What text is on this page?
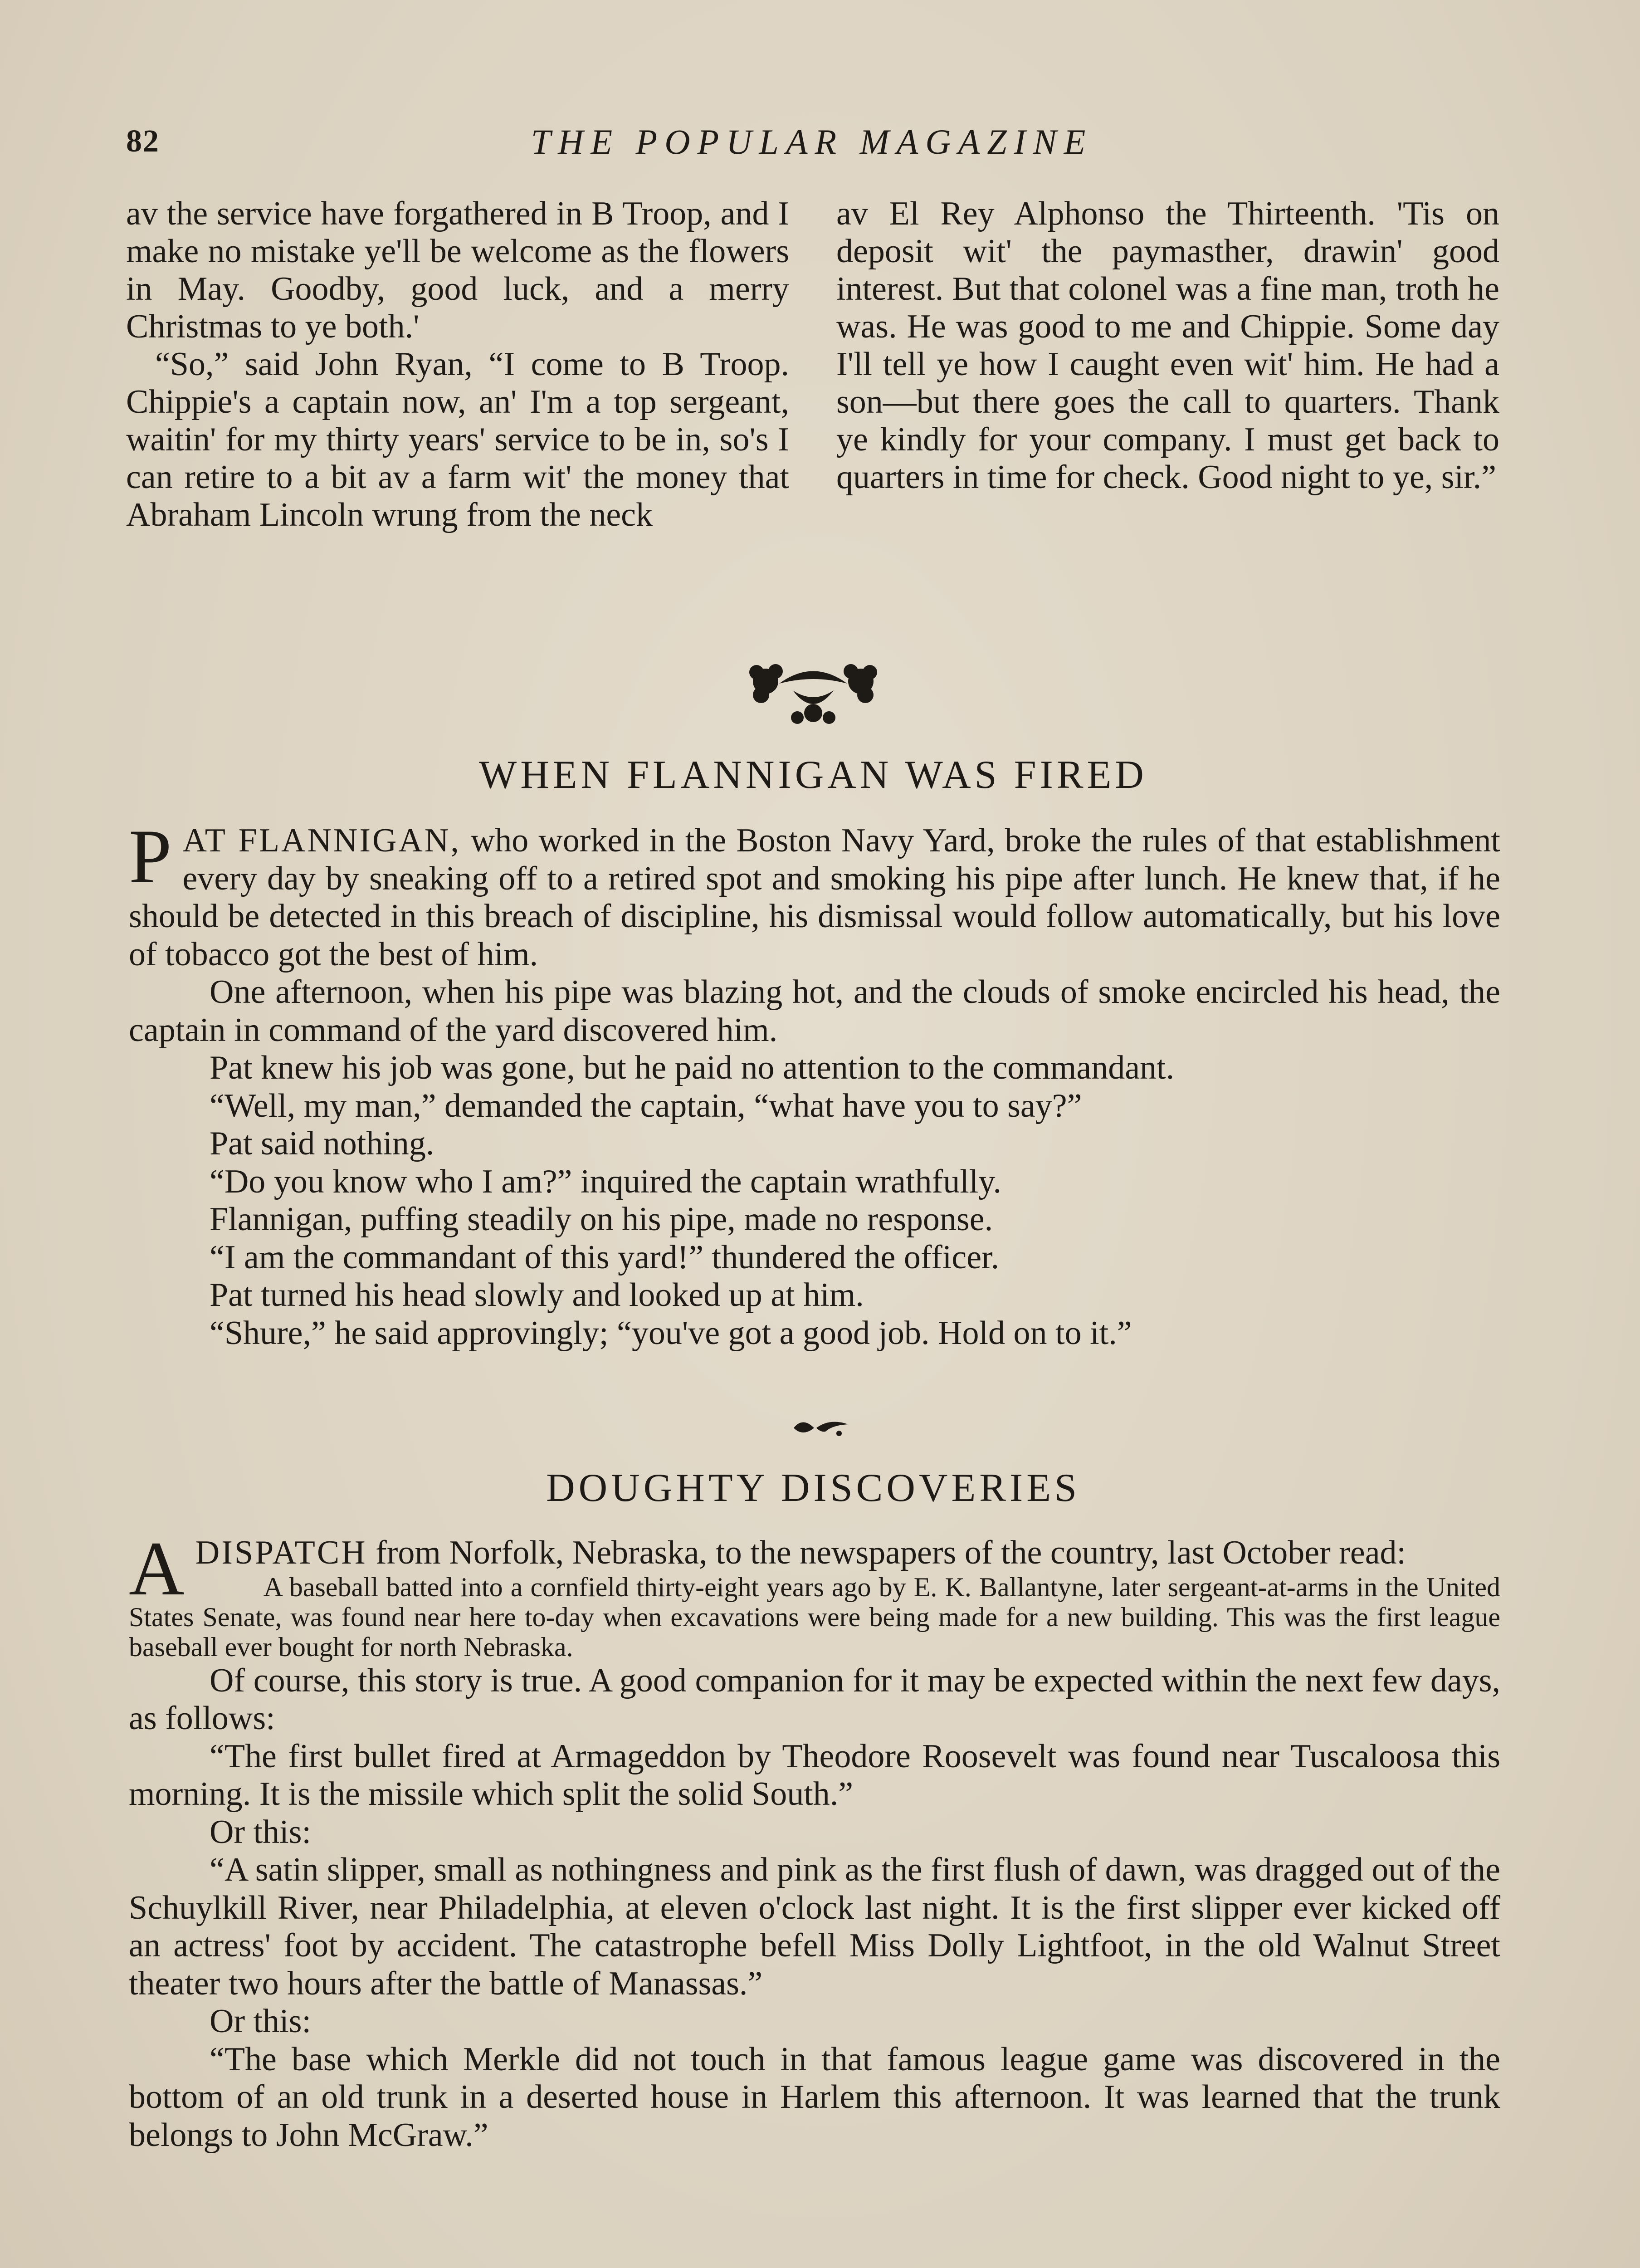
82	THE POPULAR MAGAZINE

av the service have forgathered in B Troop, and I make no mistake ye'll be welcome as the flowers in May. Goodby, good luck, and a merry Christmas to ye both.'

“So,” said John Ryan, “I come to B Troop. Chippie's a captain now, an' I'm a top sergeant, waitin' for my thirty years' service to be in, so's I can retire to a bit av a farm wit' the money that Abraham Lincoln wrung from the neck

av El Rey Alphonso the Thirteenth. 'Tis on deposit wit' the paymasther, drawin' good interest. But that colonel was a fine man, troth he was. He was good to me and Chippie. Some day I'll tell ye how I caught even wit' him. He had a son—but there goes the call to quarters. Thank ye kindly for your company. I must get back to quarters in time for check. Good night to ye, sir.”

WHEN FLANNIGAN WAS FIRED

PAT FLANNIGAN, who worked in the Boston Navy Yard, broke the rules of that establishment every day by sneaking off to a retired spot and smoking his pipe after lunch. He knew that, if he should be detected in this breach of discipline, his dismissal would follow automatically, but his love of tobacco got the best of him.

One afternoon, when his pipe was blazing hot, and the clouds of smoke encircled his head, the captain in command of the yard discovered him.

Pat knew his job was gone, but he paid no attention to the commandant.

“Well, my man,” demanded the captain, “what have you to say?”

Pat said nothing.

“Do you know who I am?” inquired the captain wrathfully.

Flannigan, puffing steadily on his pipe, made no response.

“I am the commandant of this yard!” thundered the officer.

Pat turned his head slowly and looked up at him.

“Shure,” he said approvingly; “you've got a good job. Hold on to it.”

DOUGHTY DISCOVERIES

ADISPATCH from Norfolk, Nebraska, to the newspapers of the country, last October read:

A baseball batted into a cornfield thirty-eight years ago by E. K. Ballantyne, later sergeant-at-arms in the United States Senate, was found near here to-day when excavations were being made for a new building. This was the first league baseball ever bought for north Nebraska.

Of course, this story is true. A good companion for it may be expected within the next few days, as follows:

“The first bullet fired at Armageddon by Theodore Roosevelt was found near Tuscaloosa this morning. It is the missile which split the solid South.”

Or this:

“A satin slipper, small as nothingness and pink as the first flush of dawn, was dragged out of the Schuylkill River, near Philadelphia, at eleven o'clock last night. It is the first slipper ever kicked off an actress' foot by accident. The catastrophe befell Miss Dolly Lightfoot, in the old Walnut Street theater two hours after the battle of Manassas.”

Or this:

“The base which Merkle did not touch in that famous league game was discovered in the bottom of an old trunk in a deserted house in Harlem this afternoon. It was learned that the trunk belongs to John McGraw.”
